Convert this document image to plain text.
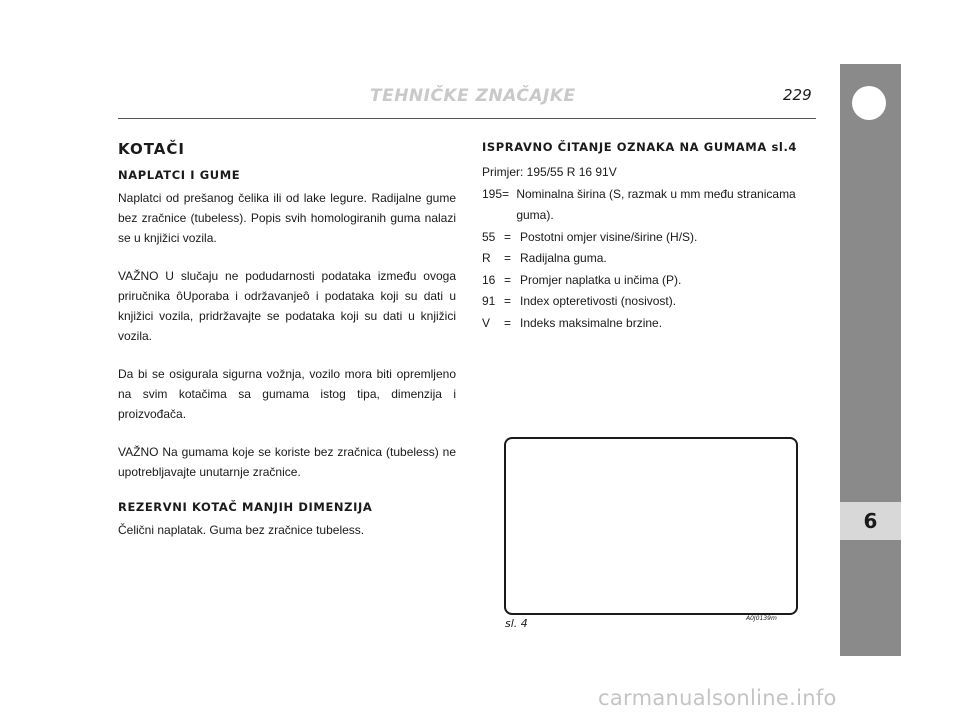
TEHNIČKE ZNAČAJKE	229
6
KOTAČI
NAPLATCI I GUME
Naplatci od prešanog čelika ili od lake legure. Radijalne gume bez zračnice (tubeless). Popis svih homologiranih guma nalazi se u knjižici vozila.
VAŽNO U slučaju ne podudarnosti podataka između ovoga priručnika ôUporaba i održavanjeô i podataka koji su dati u knjižici vozila, pridržavajte se podataka koji su dati u knjižici vozila.
Da bi se osigurala sigurna vožnja, vozilo mora biti opremljeno na svim kotačima sa gumama istog tipa, dimenzija i proizvođača.
VAŽNO Na gumama koje se koriste bez zračnica (tubeless) ne upotrebljavajte unutarnje zračnice.
REZERVNI KOTAČ MANJIH DIMENZIJA
Čelični naplatak. Guma bez zračnice tubeless.
ISPRAVNO ČITANJE OZNAKA NA GUMAMA sl.4
Primjer: 195/55 R 16 91V
195 = Nominalna širina (S, razmak u mm među stranicama guma).
55 = Postotni omjer visine/širine (H/S).
R	= Radijalna guma.
16 = Promjer naplatka u inčima (P).
91 = Index opteretivosti (nosivost).
V	= Indeks maksimalne brzine.
sl. 4	A0J0139m
carmanualsonline.info
